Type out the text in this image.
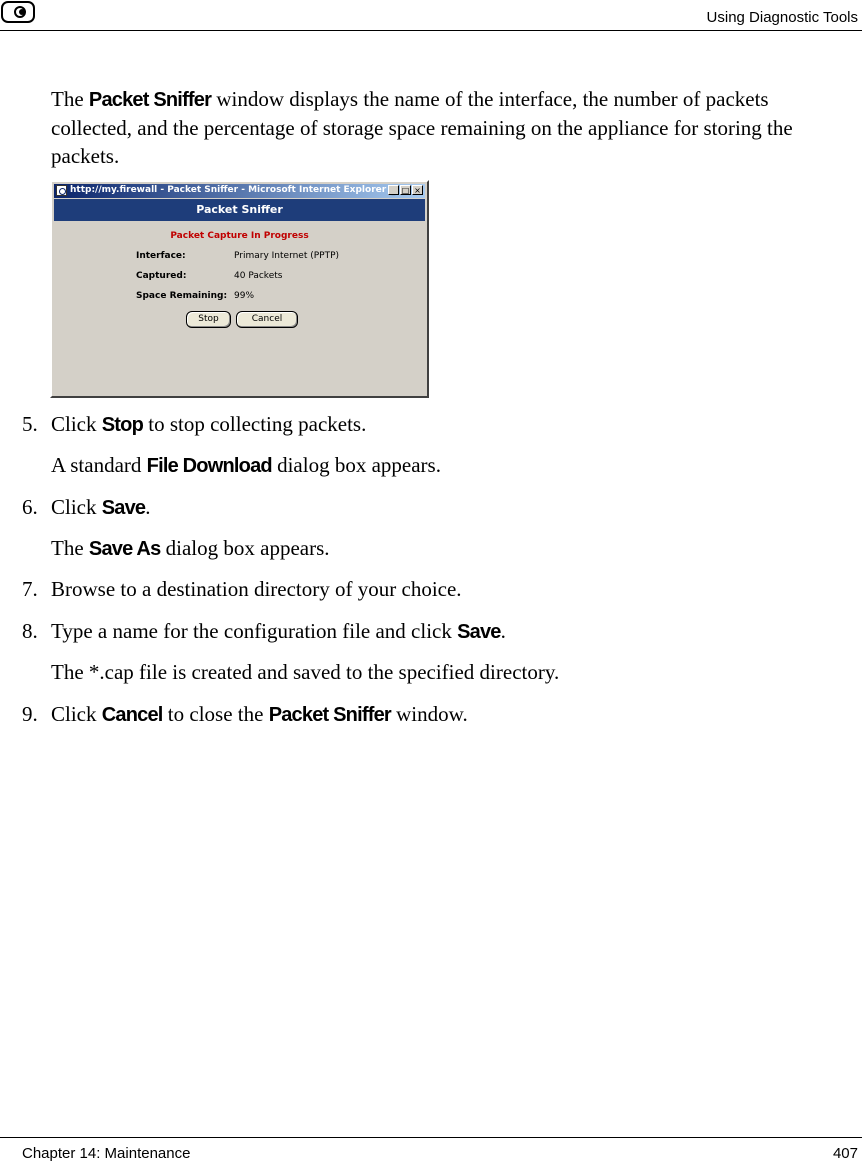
Using Diagnostic Tools
The Packet Sniffer window displays the name of the interface, the number of packets collected, and the percentage of storage space remaining on the appliance for storing the packets.
http://my.firewall - Packet Sniffer - Microsoft Internet Explorer _ □ ×
Packet Sniffer
Packet Capture In Progress
Interface:	Primary Internet (PPTP)
Captured:	40 Packets
Space Remaining: 99%
Stop	Cancel
5. Click Stop to stop collecting packets.
A standard File Download dialog box appears.
6. Click Save.
The Save As dialog box appears.
7. Browse to a destination directory of your choice.
8. Type a name for the configuration file and click Save.
The *.cap file is created and saved to the specified directory.
9. Click Cancel to close the Packet Sniffer window.
Chapter 14: Maintenance	407
